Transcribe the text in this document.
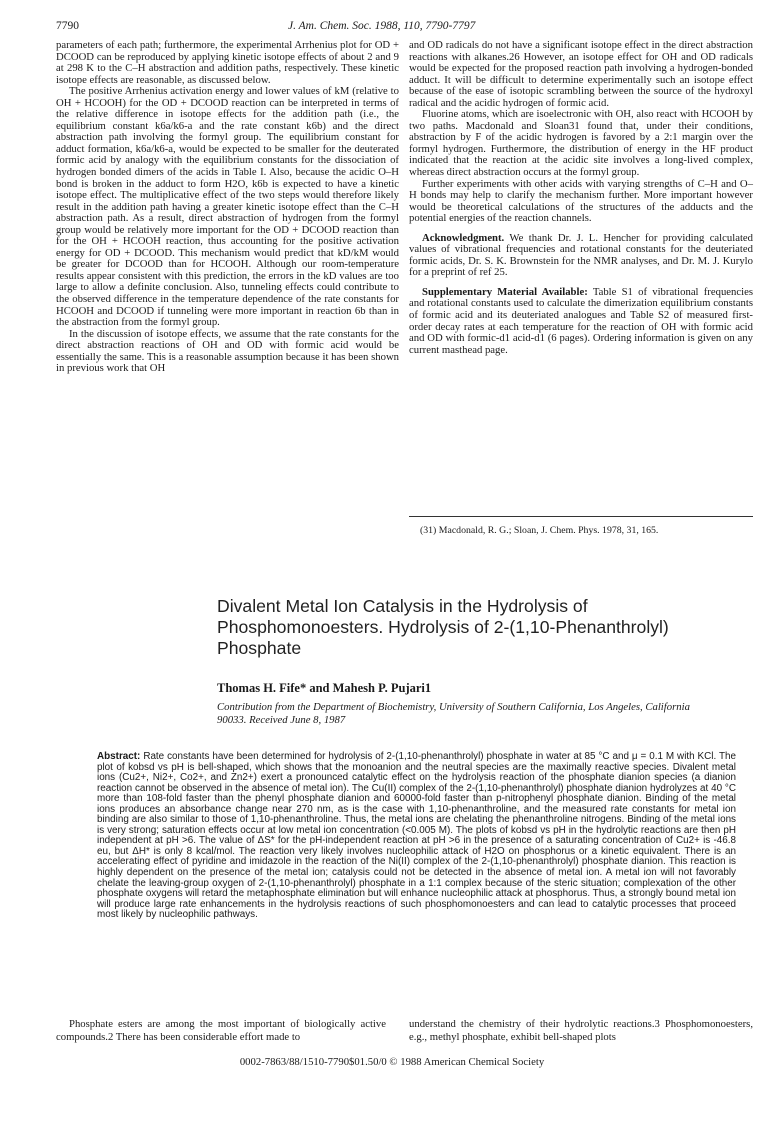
7790	J. Am. Chem. Soc. 1988, 110, 7790-7797

parameters of each path; furthermore, the experimental Arrhenius plot for OD + DCOOD can be reproduced by applying kinetic isotope effects of about 2 and 9 at 298 K to the C–H abstraction and addition paths, respectively. These kinetic isotope effects are reasonable, as discussed below.

The positive Arrhenius activation energy and lower values of kM (relative to OH + HCOOH) for the OD + DCOOD reaction can be interpreted in terms of the relative difference in isotope effects for the addition path (i.e., the equilibrium constant k6a/k6-a and the rate constant k6b) and the direct abstraction path involving the formyl group. The equilibrium constant for adduct formation, k6a/k6-a, would be expected to be smaller for the deuterated formic acid by analogy with the equilibrium constants for the dissociation of hydrogen bonded dimers of the acids in Table I. Also, because the acidic O–H bond is broken in the adduct to form H2O, k6b is expected to have a kinetic isotope effect. The multiplicative effect of the two steps would therefore likely result in the addition path having a greater kinetic isotope effect than the C–H abstraction path. As a result, direct abstraction of hydrogen from the formyl group would be relatively more important for the OD + DCOOD reaction than for the OH + HCOOH reaction, thus accounting for the positive activation energy for OD + DCOOD. This mechanism would predict that kD/kM would be greater for DCOOD than for HCOOH. Although our room-temperature results appear consistent with this prediction, the errors in the kD values are too large to allow a definite conclusion. Also, tunneling effects could contribute to the observed difference in the temperature dependence of the rate constants for HCOOH and DCOOD if tunneling were more important in reaction 6b than in the abstraction from the formyl group.

In the discussion of isotope effects, we assume that the rate constants for the direct abstraction reactions of OH and OD with formic acid would be essentially the same. This is a reasonable assumption because it has been shown in previous work that OH

and OD radicals do not have a significant isotope effect in the direct abstraction reactions with alkanes.26 However, an isotope effect for OH and OD radicals would be expected for the proposed reaction path involving a hydrogen-bonded adduct. It will be difficult to determine experimentally such an isotope effect because of the ease of isotopic scrambling between the source of the hydroxyl radical and the acidic hydrogen of formic acid.

Fluorine atoms, which are isoelectronic with OH, also react with HCOOH by two paths. Macdonald and Sloan31 found that, under their conditions, abstraction by F of the acidic hydrogen is favored by a 2:1 margin over the formyl hydrogen. Furthermore, the distribution of energy in the HF product indicated that the reaction at the acidic site involves a long-lived complex, whereas direct abstraction occurs at the formyl group.

Further experiments with other acids with varying strengths of C–H and O–H bonds may help to clarify the mechanism further. More important however would be theoretical calculations of the structures of the adducts and the potential energies of the reaction channels.

Acknowledgment. We thank Dr. J. L. Hencher for providing calculated values of vibrational frequencies and rotational constants for the deuteriated formic acids, Dr. S. K. Brownstein for the NMR analyses, and Dr. M. J. Kurylo for a preprint of ref 25.

Supplementary Material Available: Table S1 of vibrational frequencies and rotational constants used to calculate the dimerization equilibrium constants of formic acid and its deuteriated analogues and Table S2 of measured first-order decay rates at each temperature for the reaction of OH with formic acid and OD with formic-d1 acid-d1 (6 pages). Ordering information is given on any current masthead page.

(31) Macdonald, R. G.; Sloan, J. Chem. Phys. 1978, 31, 165.
Divalent Metal Ion Catalysis in the Hydrolysis of Phosphomonoesters. Hydrolysis of 2-(1,10-Phenanthrolyl) Phosphate
Thomas H. Fife* and Mahesh P. Pujari1
Contribution from the Department of Biochemistry, University of Southern California, Los Angeles, California 90033. Received June 8, 1987
Abstract: Rate constants have been determined for hydrolysis of 2-(1,10-phenanthrolyl) phosphate in water at 85 °C and μ = 0.1 M with KCl. The plot of kobsd vs pH is bell-shaped, which shows that the monoanion and the neutral species are the maximally reactive species. Divalent metal ions (Cu2+, Ni2+, Co2+, and Zn2+) exert a pronounced catalytic effect on the hydrolysis reaction of the phosphate dianion species (a dianion reaction cannot be observed in the absence of metal ion). The Cu(II) complex of the 2-(1,10-phenanthrolyl) phosphate dianion hydrolyzes at 40 °C more than 108-fold faster than the phenyl phosphate dianion and 60000-fold faster than p-nitrophenyl phosphate dianion. Binding of the metal ions produces an absorbance change near 270 nm, as is the case with 1,10-phenanthroline, and the measured rate constants for metal ion binding are also similar to those of 1,10-phenanthroline. Thus, the metal ions are chelating the phenanthroline nitrogens. Binding of the metal ions is very strong; saturation effects occur at low metal ion concentration (<0.005 M). The plots of kobsd vs pH in the hydrolytic reactions are then pH independent at pH >6. The value of ΔS* for the pH-independent reaction at pH >6 in the presence of a saturating concentration of Cu2+ is -46.8 eu, but ΔH* is only 8 kcal/mol. The reaction very likely involves nucleophilic attack of H2O on phosphorus or a kinetic equivalent. There is an accelerating effect of pyridine and imidazole in the reaction of the Ni(II) complex of the 2-(1,10-phenanthrolyl) phosphate dianion. This reaction is highly dependent on the presence of the metal ion; catalysis could not be detected in the absence of metal ion. A metal ion will not favorably chelate the leaving-group oxygen of 2-(1,10-phenanthrolyl) phosphate in a 1:1 complex because of the steric situation; complexation of the other phosphate oxygens will retard the metaphosphate elimination but will enhance nucleophilic attack at phosphorus. Thus, a strongly bound metal ion will produce large rate enhancements in the hydrolysis reactions of such phosphomonoesters and can lead to catalytic processes that proceed most likely by nucleophilic pathways.

Phosphate esters are among the most important of biologically active compounds.2 There has been considerable effort made to

understand the chemistry of their hydrolytic reactions.3 Phosphomonoesters, e.g., methyl phosphate, exhibit bell-shaped plots

0002-7863/88/1510-7790$01.50/0 © 1988 American Chemical Society
